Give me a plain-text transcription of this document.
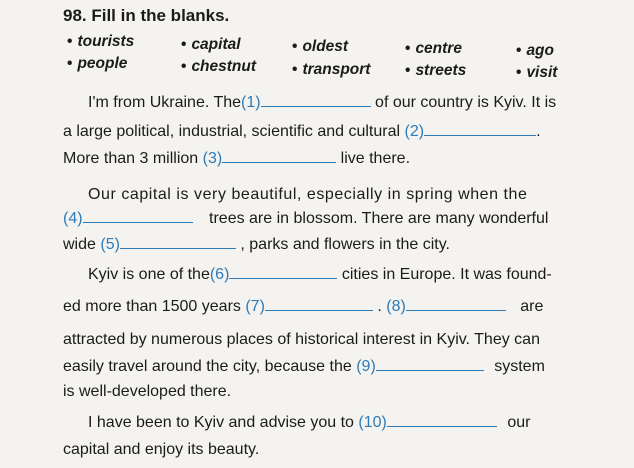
98. Fill in the blanks.
• tourists	• capital	• oldest	• centre	• ago
• people	• chestnut • transport • streets	• visit
I'm from Ukraine. The(1)	of our country is Kyiv. It is
a large political, industrial, scientific and cultural (2)	.
More than 3 million (3)	live there.
Our capital is very beautiful, especially in spring when the
(4)	trees are in blossom. There are many wonderful
wide (5)	, parks and flowers in the city.
Kyiv is one of the(6)	cities in Europe. It was found-
ed more than 1500 years (7)	. (8)	are
attracted by numerous places of historical interest in Kyiv. They can
easily travel around the city, because the (9)	system
is well-developed there.
I have been to Kyiv and advise you to (10)	our
capital and enjoy its beauty.
